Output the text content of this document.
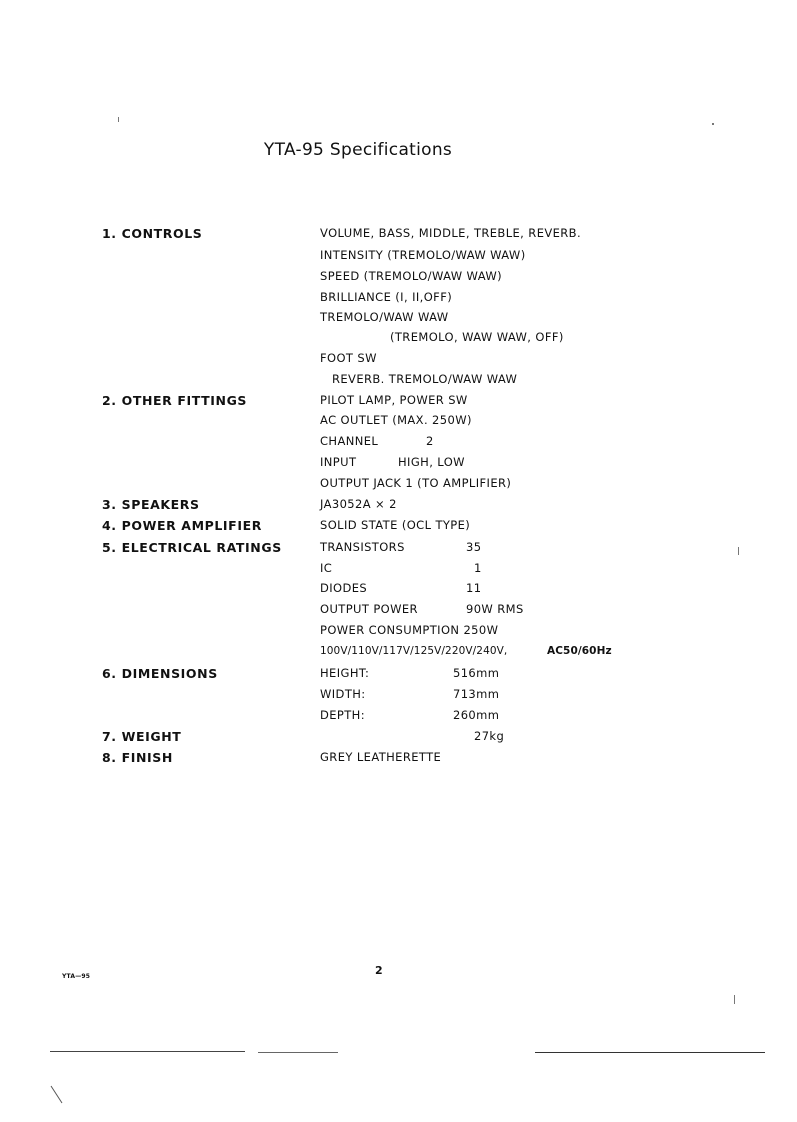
YTA-95 Specifications
1. CONTROLS	VOLUME, BASS, MIDDLE, TREBLE, REVERB.
INTENSITY (TREMOLO/WAW WAW)
SPEED (TREMOLO/WAW WAW)
BRILLIANCE (I, II,OFF)
TREMOLO/WAW WAW
(TREMOLO, WAW WAW, OFF)
FOOT SW
REVERB. TREMOLO/WAW WAW
2. OTHER FITTINGS	PILOT LAMP, POWER SW
AC OUTLET (MAX. 250W)
CHANNEL	2
INPUT	HIGH, LOW
OUTPUT JACK 1 (TO AMPLIFIER)
3. SPEAKERS	JA3052A × 2
4. POWER AMPLIFIER	SOLID STATE (OCL TYPE)
5. ELECTRICAL RATINGS	TRANSISTORS	35
IC	1
DIODES	11
OUTPUT POWER	90W RMS
POWER CONSUMPTION 250W
100V/110V/117V/125V/220V/240V,	AC50/60Hz
6. DIMENSIONS	HEIGHT:	516mm
WIDTH:	713mm
DEPTH:	260mm
7. WEIGHT	27kg
8. FINISH	GREY LEATHERETTE
YTA—95	2
